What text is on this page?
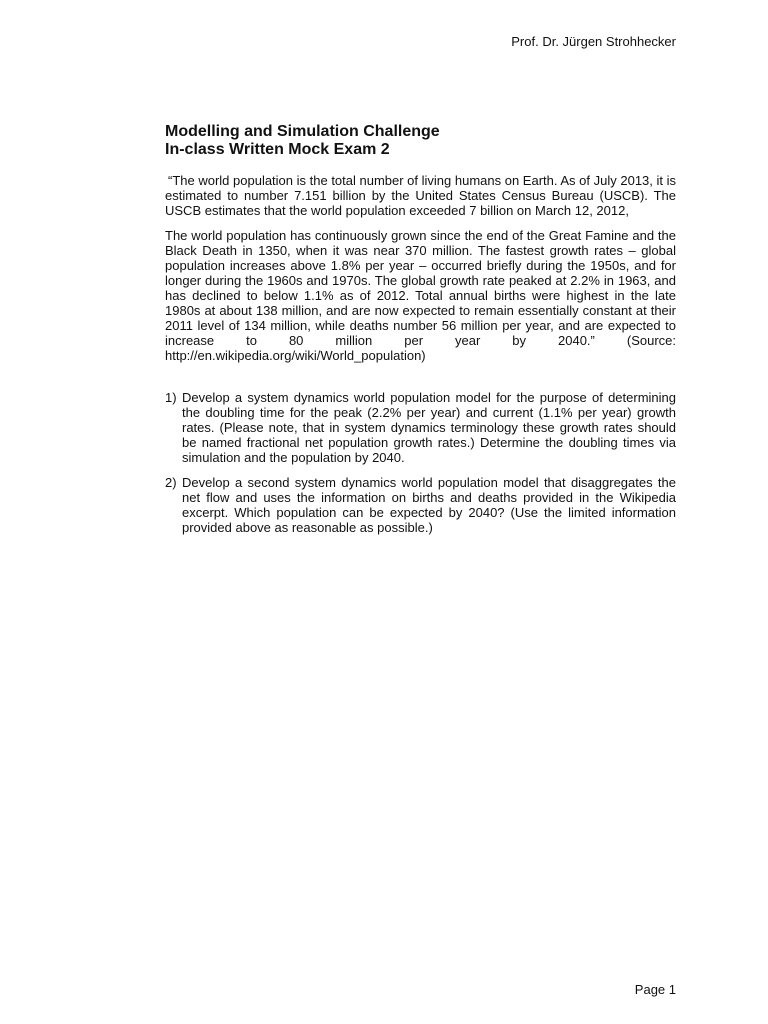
Prof. Dr. Jürgen Strohhecker
Modelling and Simulation Challenge
In-class Written Mock Exam 2

“The world population is the total number of living humans on Earth. As of July 2013, it is estimated to number 7.151 billion by the United States Census Bureau (USCB). The USCB estimates that the world population exceeded 7 billion on March 12, 2012,

The world population has continuously grown since the end of the Great Famine and the Black Death in 1350, when it was near 370 million. The fastest growth rates – global population increases above 1.8% per year – occurred briefly during the 1950s, and for longer during the 1960s and 1970s. The global growth rate peaked at 2.2% in 1963, and has declined to below 1.1% as of 2012. Total annual births were highest in the late 1980s at about 138 million, and are now expected to remain essentially constant at their 2011 level of 134 million, while deaths number 56 million per year, and are expected to increase to 80 million per year by 2040.” (Source: http://en.wikipedia.org/wiki/World_population)

1) Develop a system dynamics world population model for the purpose of determining the doubling time for the peak (2.2% per year) and current (1.1% per year) growth rates. (Please note, that in system dynamics terminology these growth rates should be named fractional net population growth rates.) Determine the doubling times via simulation and the population by 2040.
2) Develop a second system dynamics world population model that disaggregates the net flow and uses the information on births and deaths provided in the Wikipedia excerpt. Which population can be expected by 2040? (Use the limited information provided above as reasonable as possible.)
Page 1
